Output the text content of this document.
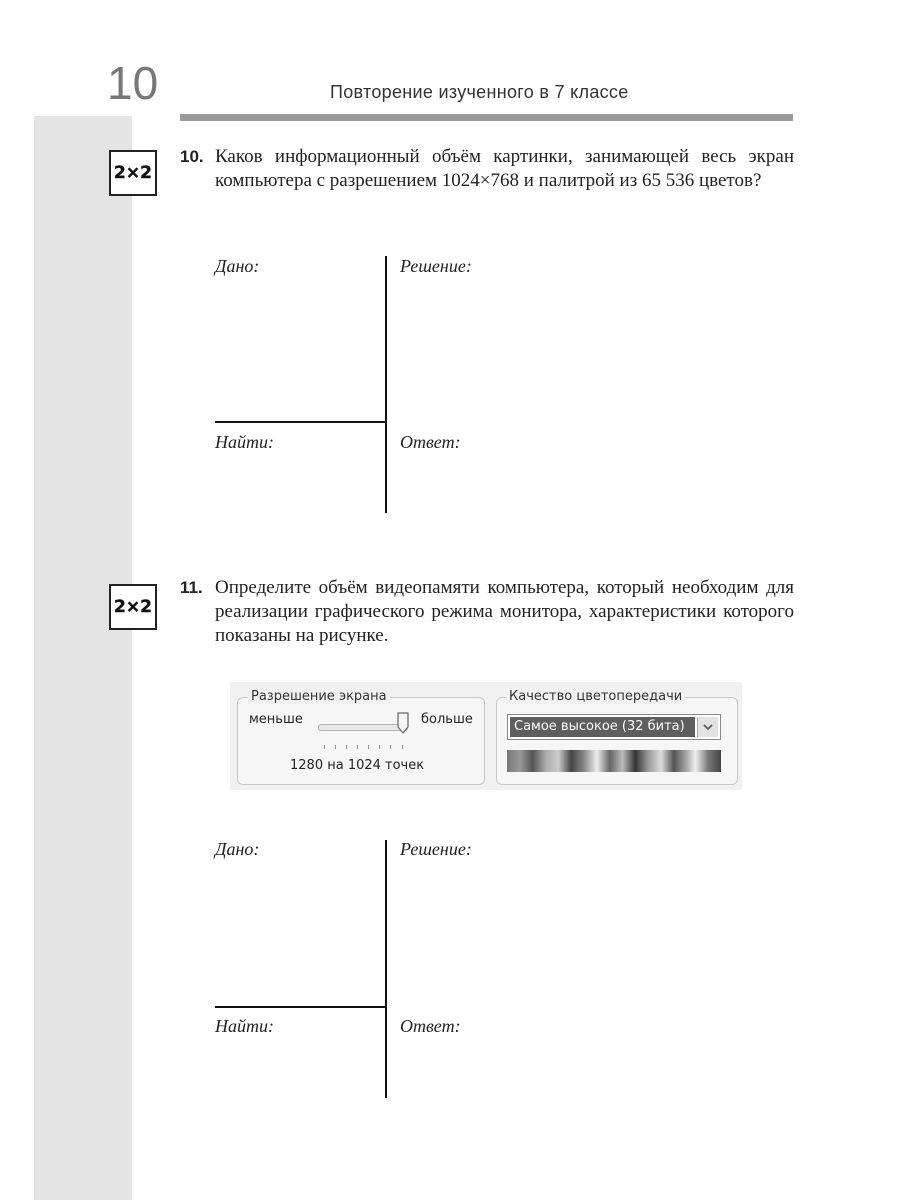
10	Повторение изученного в 7 классе
2×2
10. Каков информационный объём картинки, занимающей весь экран компьютера с разрешением 1024×768 и палитрой из 65 536 цветов?
Дано:	Решение:
Найти:	Ответ:
2×2
11. Определите объём видеопамяти компьютера, который необходим для реализации графического режима монитора, характеристики которого показаны на рисунке.
Разрешение экрана
меньше	больше
1280 на 1024 точек
Качество цветопередачи
Самое высокое (32 бита)
Дано:	Решение:
Найти:	Ответ:
